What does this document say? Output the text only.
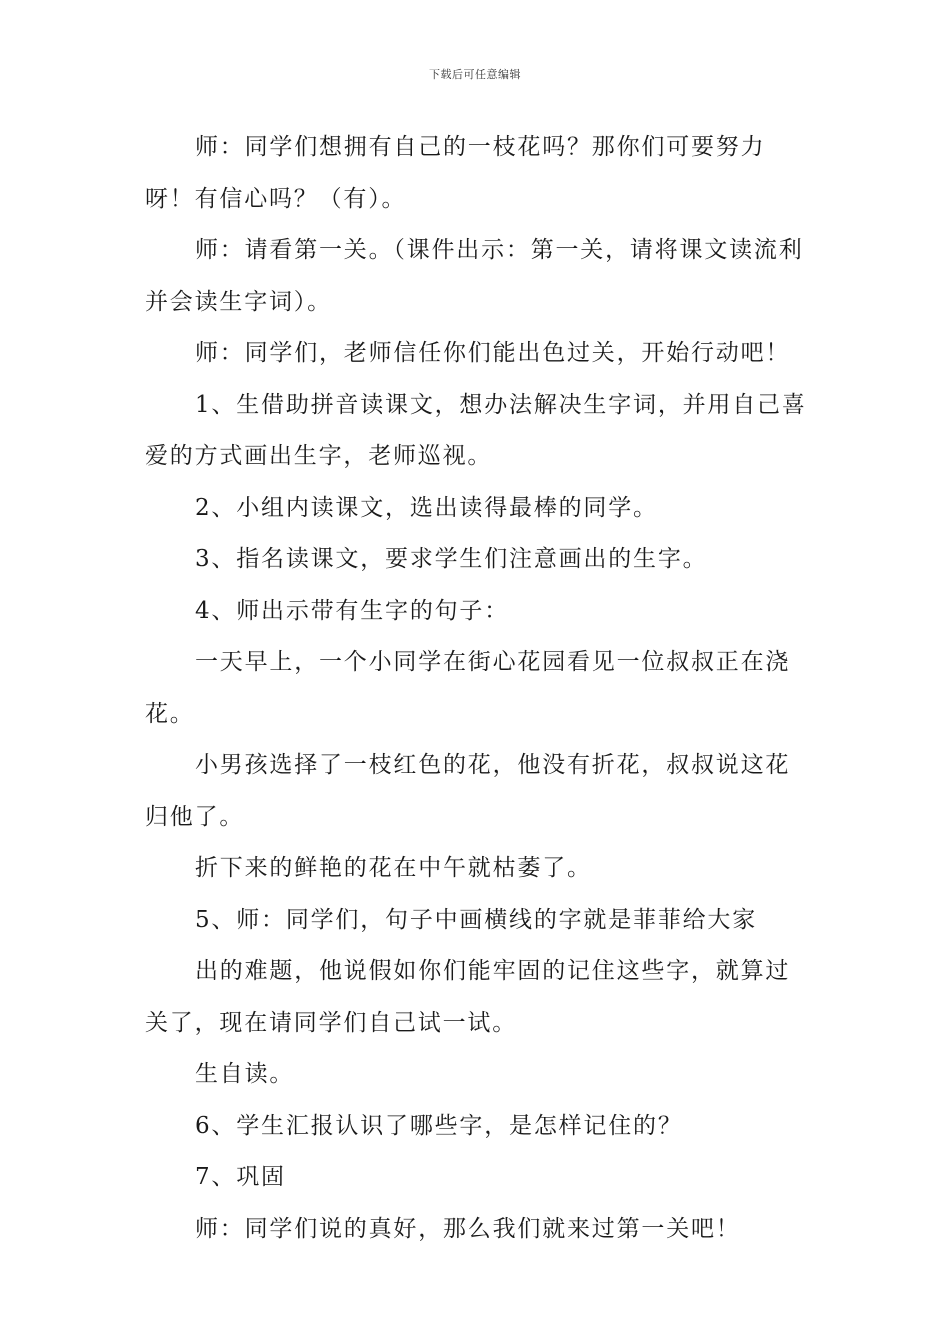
下载后可任意编辑

师：同学们想拥有自己的一枝花吗？那你们可要努力呀！有信心吗？（有）。

师：请看第一关。（课件出示：第一关，请将课文读流利并会读生字词）。

师：同学们，老师信任你们能出色过关，开始行动吧！

1、生借助拼音读课文，想办法解决生字词，并用自己喜爱的方式画出生字，老师巡视。

2、小组内读课文，选出读得最棒的同学。

3、指名读课文，要求学生们注意画出的生字。

4、师出示带有生字的句子：

一天早上，一个小同学在街心花园看见一位叔叔正在浇花。

小男孩选择了一枝红色的花，他没有折花，叔叔说这花归他了。

折下来的鲜艳的花在中午就枯萎了。

5、师：同学们，句子中画横线的字就是菲菲给大家

出的难题，他说假如你们能牢固的记住这些字，就算过关了，现在请同学们自己试一试。

生自读。

6、学生汇报认识了哪些字，是怎样记住的？

7、巩固

师：同学们说的真好，那么我们就来过第一关吧！
